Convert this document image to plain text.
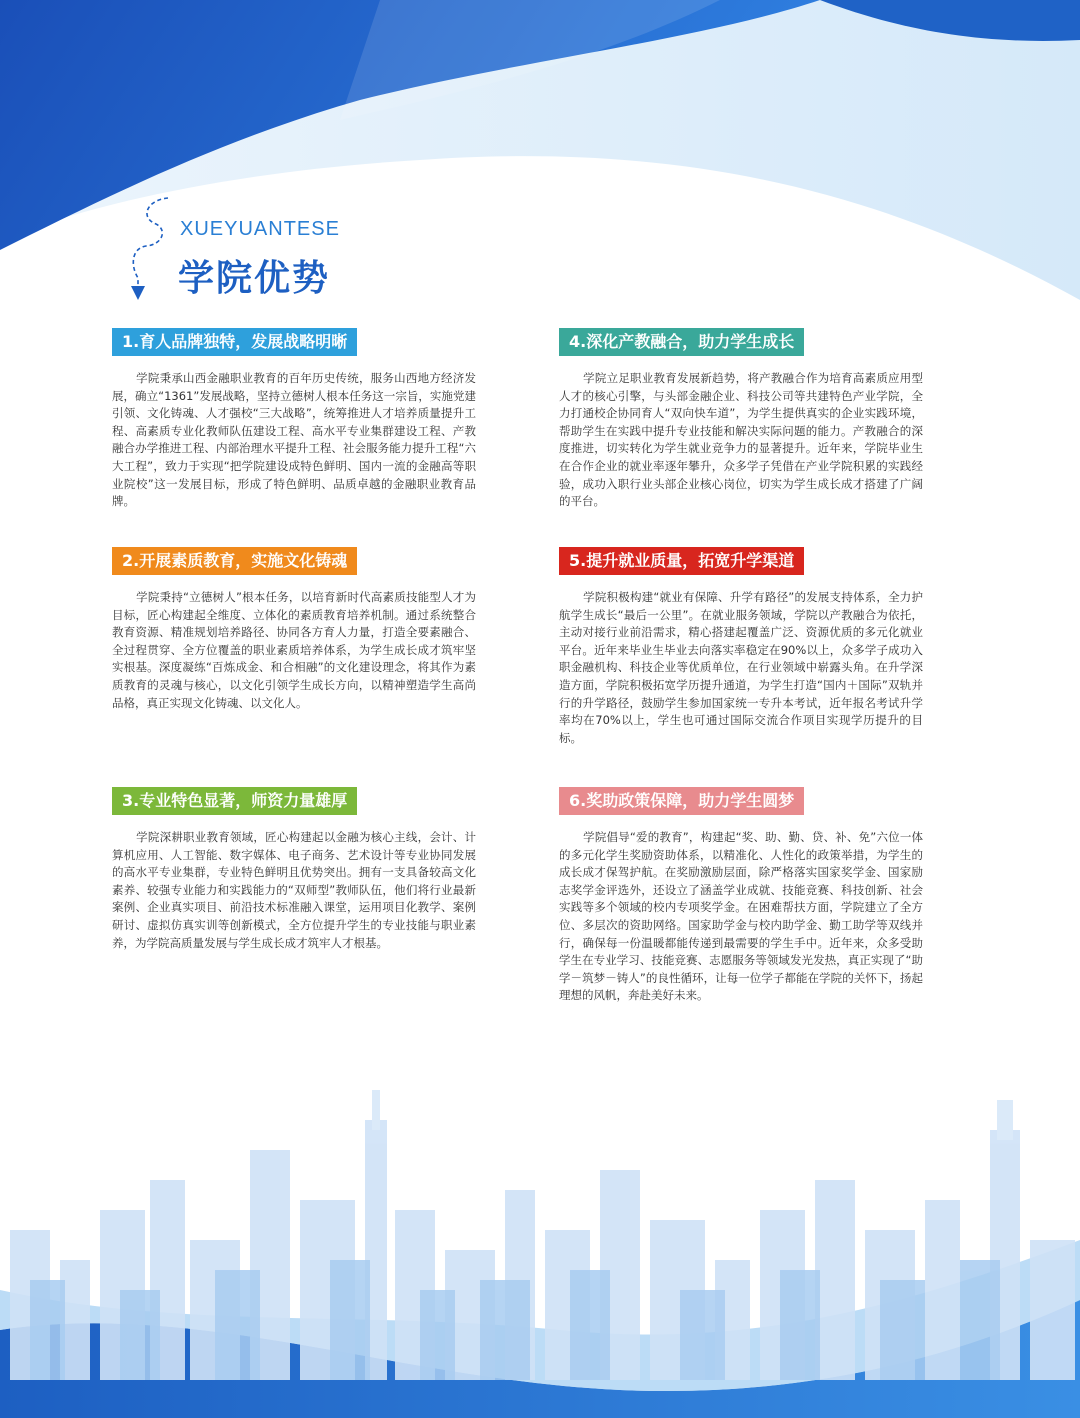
XUEYUANTESE
学院优势
1.育人品牌独特，发展战略明晰

学院秉承山西金融职业教育的百年历史传统，服务山西地方经济发展，确立“1361”发展战略，坚持立德树人根本任务这一宗旨，实施党建引领、文化铸魂、人才强校“三大战略”，统筹推进人才培养质量提升工程、高素质专业化教师队伍建设工程、高水平专业集群建设工程、产教融合办学推进工程、内部治理水平提升工程、社会服务能力提升工程“六大工程”，致力于实现“把学院建设成特色鲜明、国内一流的金融高等职业院校”这一发展目标，形成了特色鲜明、品质卓越的金融职业教育品牌。

2.开展素质教育，实施文化铸魂

学院秉持“立德树人”根本任务，以培育新时代高素质技能型人才为目标，匠心构建起全维度、立体化的素质教育培养机制。通过系统整合教育资源、精准规划培养路径、协同各方育人力量，打造全要素融合、全过程贯穿、全方位覆盖的职业素质培养体系，为学生成长成才筑牢坚实根基。深度凝练“百炼成金、和合相融”的文化建设理念，将其作为素质教育的灵魂与核心，以文化引领学生成长方向，以精神塑造学生高尚品格，真正实现文化铸魂、以文化人。

3.专业特色显著，师资力量雄厚

学院深耕职业教育领域，匠心构建起以金融为核心主线，会计、计算机应用、人工智能、数字媒体、电子商务、艺术设计等专业协同发展的高水平专业集群，专业特色鲜明且优势突出。拥有一支具备较高文化素养、较强专业能力和实践能力的“双师型”教师队伍，他们将行业最新案例、企业真实项目、前沿技术标准融入课堂，运用项目化教学、案例研讨、虚拟仿真实训等创新模式，全方位提升学生的专业技能与职业素养，为学院高质量发展与学生成长成才筑牢人才根基。

4.深化产教融合，助力学生成长

学院立足职业教育发展新趋势，将产教融合作为培育高素质应用型人才的核心引擎，与头部金融企业、科技公司等共建特色产业学院，全力打通校企协同育人“双向快车道”，为学生提供真实的企业实践环境，帮助学生在实践中提升专业技能和解决实际问题的能力。产教融合的深度推进，切实转化为学生就业竞争力的显著提升。近年来，学院毕业生在合作企业的就业率逐年攀升，众多学子凭借在产业学院积累的实践经验，成功入职行业头部企业核心岗位，切实为学生成长成才搭建了广阔的平台。

5.提升就业质量，拓宽升学渠道

学院积极构建“就业有保障、升学有路径”的发展支持体系，全力护航学生成长“最后一公里”。在就业服务领域，学院以产教融合为依托，主动对接行业前沿需求，精心搭建起覆盖广泛、资源优质的多元化就业平台。近年来毕业生毕业去向落实率稳定在90%以上，众多学子成功入职金融机构、科技企业等优质单位，在行业领域中崭露头角。在升学深造方面，学院积极拓宽学历提升通道，为学生打造“国内＋国际”双轨并行的升学路径，鼓励学生参加国家统一专升本考试，近年报名考试升学率均在70%以上，学生也可通过国际交流合作项目实现学历提升的目标。

6.奖助政策保障，助力学生圆梦

学院倡导“爱的教育”，构建起“奖、助、勤、贷、补、免”六位一体的多元化学生奖励资助体系，以精准化、人性化的政策举措，为学生的成长成才保驾护航。在奖励激励层面，除严格落实国家奖学金、国家励志奖学金评选外，还设立了涵盖学业成就、技能竞赛、科技创新、社会实践等多个领域的校内专项奖学金。在困难帮扶方面，学院建立了全方位、多层次的资助网络。国家助学金与校内助学金、勤工助学等双线并行，确保每一份温暖都能传递到最需要的学生手中。近年来，众多受助学生在专业学习、技能竞赛、志愿服务等领域发光发热，真正实现了“助学－筑梦－铸人”的良性循环，让每一位学子都能在学院的关怀下，扬起理想的风帆，奔赴美好未来。
